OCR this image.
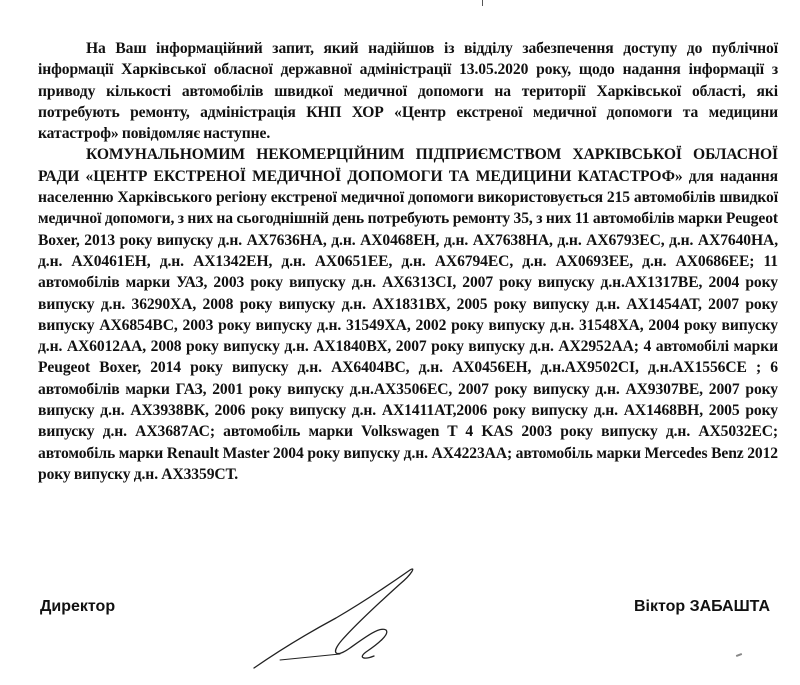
На Ваш інформаційний запит, який надійшов із відділу забезпечення доступу до публічної інформації Харківської обласної державної адміністрації 13.05.2020 року, щодо надання інформації з приводу кількості автомобілів швидкої медичної допомоги на території Харківської області, які потребують ремонту, адміністрація КНП ХОР «Центр екстреної медичної допомоги та медицини катастроф» повідомляє наступне.

КОМУНАЛЬНОМИМ НЕКОМЕРЦІЙНИМ ПІДПРИЄМСТВОМ ХАРКІВСЬКОЇ ОБЛАСНОЇ РАДИ «ЦЕНТР ЕКСТРЕНОЇ МЕДИЧНОЇ ДОПОМОГИ ТА МЕДИЦИНИ КАТАСТРОФ» для надання населенню Харківського регіону екстреної медичної допомоги використовується 215 автомобілів швидкої медичної допомоги, з них на сьогоднішній день потребують ремонту 35, з них 11 автомобілів марки Peugeot Boxer, 2013 року випуску д.н. АХ7636НА, д.н. АХ0468ЕН, д.н. АХ7638НА, д.н. АХ6793ЕС, д.н. АХ7640НА, д.н. АХ0461ЕН, д.н. АХ1342ЕН, д.н. АХ0651ЕЕ, д.н. АХ6794ЕС, д.н. АХ0693ЕЕ, д.н. АХ0686ЕЕ; 11 автомобілів марки УАЗ, 2003 року випуску д.н. АХ6313СІ, 2007 року випуску д.н.АХ1317ВЕ, 2004 року випуску д.н. 36290ХА, 2008 року випуску д.н. АХ1831ВХ, 2005 року випуску д.н. АХ1454АТ, 2007 року випуску АХ6854ВС, 2003 року випуску д.н. 31549ХА, 2002 року випуску д.н. 31548ХА, 2004 року випуску д.н. АХ6012АА, 2008 року випуску д.н. АХ1840ВХ, 2007 року випуску д.н. АХ2952АА; 4 автомобілі марки Peugeot Boxer, 2014 року випуску д.н. АХ6404ВС, д.н. АХ0456ЕН, д.н.АХ9502СІ, д.н.АХ1556СЕ ; 6 автомобілів марки ГАЗ, 2001 року випуску д.н.АХ3506ЕС, 2007 року випуску д.н. АХ9307ВЕ, 2007 року випуску д.н. АХ3938ВК, 2006 року випуску д.н. АХ1411АТ,2006 року випуску д.н. АХ1468ВН, 2005 року випуску д.н. АХ3687АС; автомобіль марки Volkswagen T 4 KAS 2003 року випуску д.н. АХ5032ЕС; автомобіль марки Renault Master 2004 року випуску д.н. АХ4223АА; автомобіль марки Mercedes Benz 2012 року випуску д.н. АХ3359СТ.

Директор	Віктор ЗАБАШТА
